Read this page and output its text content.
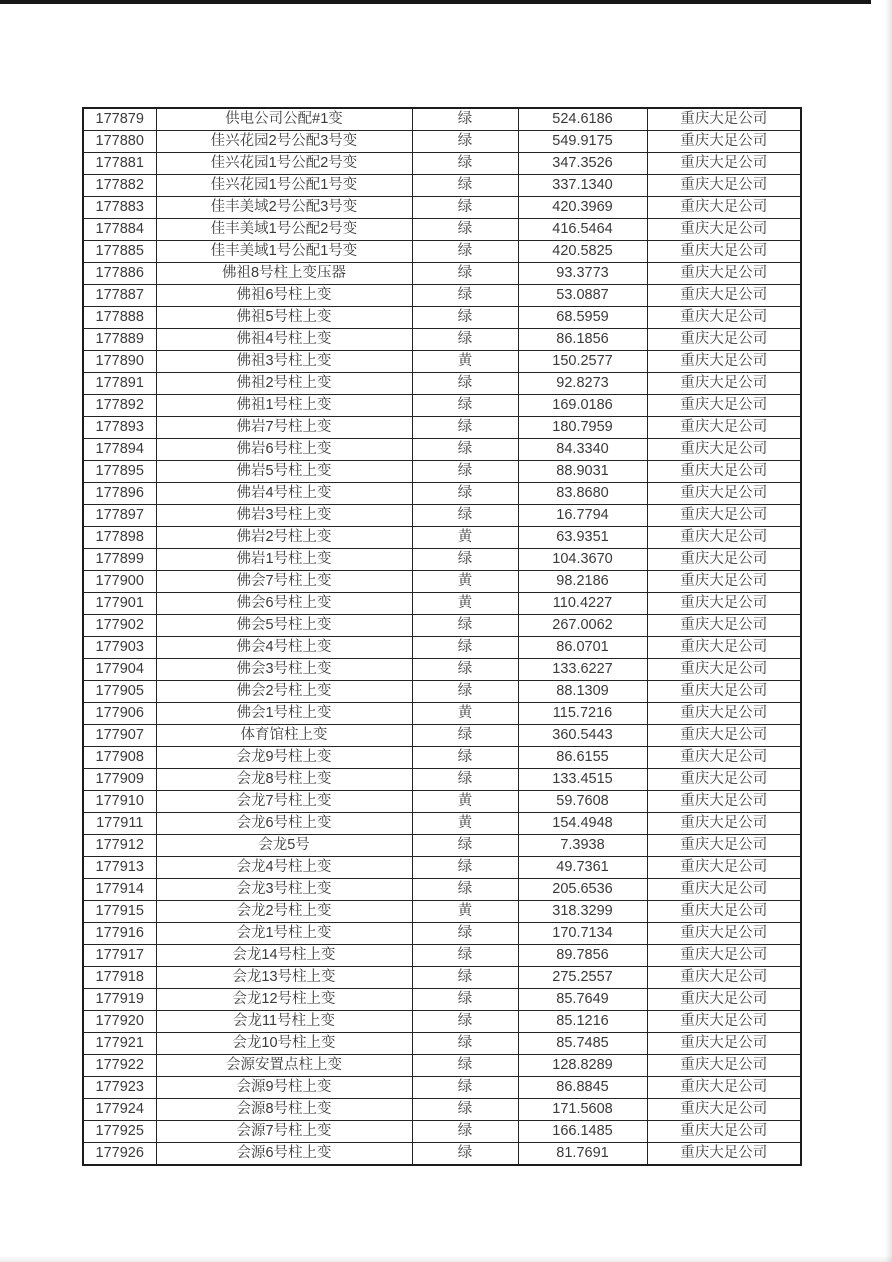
177879	供电公司公配#1变	绿	524.6186	重庆大足公司
177880	佳兴花园2号公配3号变	绿	549.9175	重庆大足公司
177881	佳兴花园1号公配2号变	绿	347.3526	重庆大足公司
177882	佳兴花园1号公配1号变	绿	337.1340	重庆大足公司
177883	佳丰美域2号公配3号变	绿	420.3969	重庆大足公司
177884	佳丰美域1号公配2号变	绿	416.5464	重庆大足公司
177885	佳丰美域1号公配1号变	绿	420.5825	重庆大足公司
177886	佛祖8号柱上变压器	绿	93.3773	重庆大足公司
177887	佛祖6号柱上变	绿	53.0887	重庆大足公司
177888	佛祖5号柱上变	绿	68.5959	重庆大足公司
177889	佛祖4号柱上变	绿	86.1856	重庆大足公司
177890	佛祖3号柱上变	黄	150.2577	重庆大足公司
177891	佛祖2号柱上变	绿	92.8273	重庆大足公司
177892	佛祖1号柱上变	绿	169.0186	重庆大足公司
177893	佛岩7号柱上变	绿	180.7959	重庆大足公司
177894	佛岩6号柱上变	绿	84.3340	重庆大足公司
177895	佛岩5号柱上变	绿	88.9031	重庆大足公司
177896	佛岩4号柱上变	绿	83.8680	重庆大足公司
177897	佛岩3号柱上变	绿	16.7794	重庆大足公司
177898	佛岩2号柱上变	黄	63.9351	重庆大足公司
177899	佛岩1号柱上变	绿	104.3670	重庆大足公司
177900	佛会7号柱上变	黄	98.2186	重庆大足公司
177901	佛会6号柱上变	黄	110.4227	重庆大足公司
177902	佛会5号柱上变	绿	267.0062	重庆大足公司
177903	佛会4号柱上变	绿	86.0701	重庆大足公司
177904	佛会3号柱上变	绿	133.6227	重庆大足公司
177905	佛会2号柱上变	绿	88.1309	重庆大足公司
177906	佛会1号柱上变	黄	115.7216	重庆大足公司
177907	体育馆柱上变	绿	360.5443	重庆大足公司
177908	会龙9号柱上变	绿	86.6155	重庆大足公司
177909	会龙8号柱上变	绿	133.4515	重庆大足公司
177910	会龙7号柱上变	黄	59.7608	重庆大足公司
177911	会龙6号柱上变	黄	154.4948	重庆大足公司
177912	会龙5号	绿	7.3938	重庆大足公司
177913	会龙4号柱上变	绿	49.7361	重庆大足公司
177914	会龙3号柱上变	绿	205.6536	重庆大足公司
177915	会龙2号柱上变	黄	318.3299	重庆大足公司
177916	会龙1号柱上变	绿	170.7134	重庆大足公司
177917	会龙14号柱上变	绿	89.7856	重庆大足公司
177918	会龙13号柱上变	绿	275.2557	重庆大足公司
177919	会龙12号柱上变	绿	85.7649	重庆大足公司
177920	会龙11号柱上变	绿	85.1216	重庆大足公司
177921	会龙10号柱上变	绿	85.7485	重庆大足公司
177922	会源安置点柱上变	绿	128.8289	重庆大足公司
177923	会源9号柱上变	绿	86.8845	重庆大足公司
177924	会源8号柱上变	绿	171.5608	重庆大足公司
177925	会源7号柱上变	绿	166.1485	重庆大足公司
177926	会源6号柱上变	绿	81.7691	重庆大足公司
